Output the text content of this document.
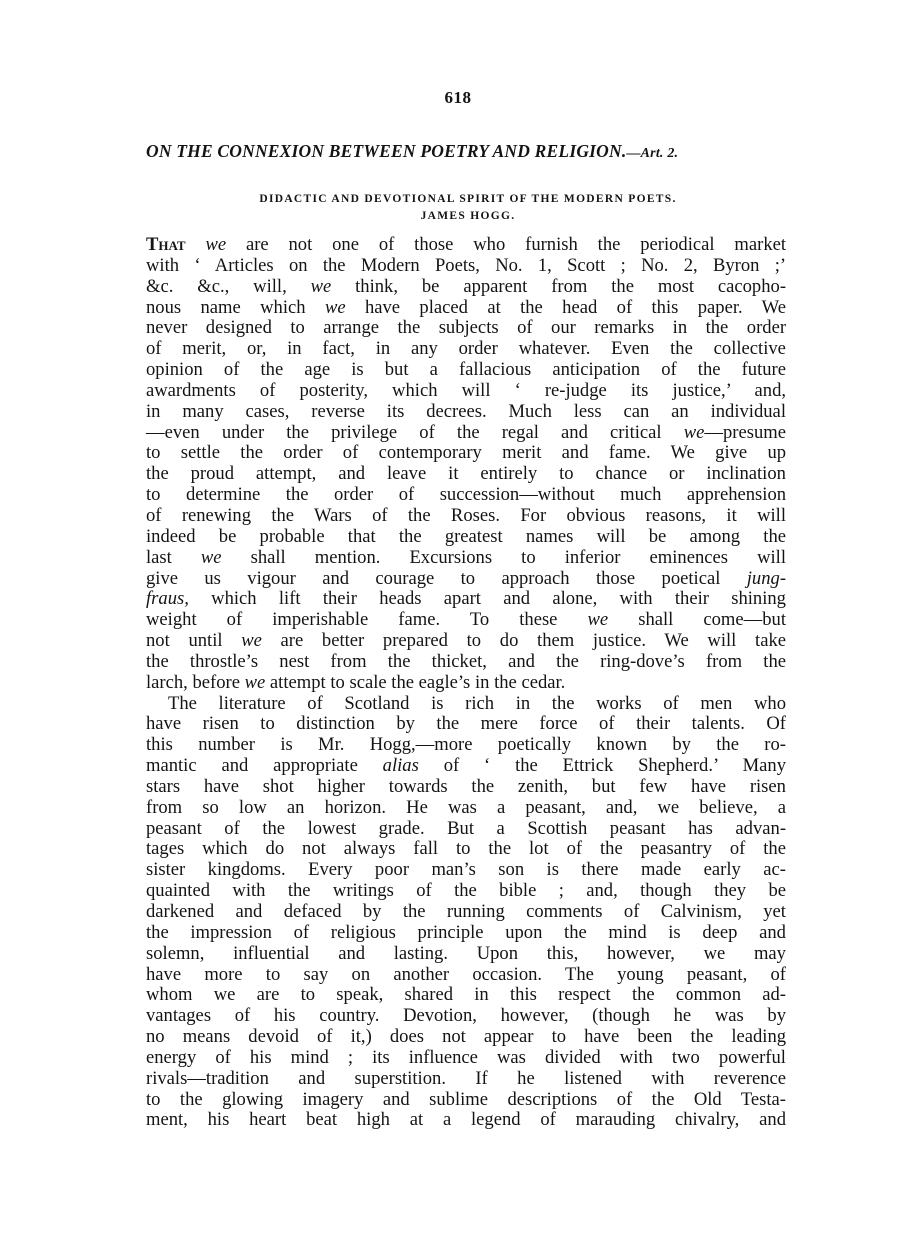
618
ON THE CONNEXION BETWEEN POETRY AND RELIGION.—Art. 2.
DIDACTIC AND DEVOTIONAL SPIRIT OF THE MODERN POETS.
JAMES HOGG.
That we are not one of those who furnish the periodical market
with ‘ Articles on the Modern Poets, No. 1, Scott ; No. 2, Byron ;’
&c. &c., will, we think, be apparent from the most cacopho-
nous name which we have placed at the head of this paper. We
never designed to arrange the subjects of our remarks in the order
of merit, or, in fact, in any order whatever. Even the collective
opinion of the age is but a fallacious anticipation of the future
awardments of posterity, which will ‘ re-judge its justice,’ and,
in many cases, reverse its decrees. Much less can an individual
—even under the privilege of the regal and critical we—presume
to settle the order of contemporary merit and fame. We give up
the proud attempt, and leave it entirely to chance or inclination
to determine the order of succession—without much apprehension
of renewing the Wars of the Roses. For obvious reasons, it will
indeed be probable that the greatest names will be among the
last we shall mention. Excursions to inferior eminences will
give us vigour and courage to approach those poetical jung-
fraus, which lift their heads apart and alone, with their shining
weight of imperishable fame. To these we shall come—but
not until we are better prepared to do them justice. We will take
the throstle’s nest from the thicket, and the ring-dove’s from the
larch, before we attempt to scale the eagle’s in the cedar.
The literature of Scotland is rich in the works of men who
have risen to distinction by the mere force of their talents. Of
this number is Mr. Hogg,—more poetically known by the ro-
mantic and appropriate alias of ‘ the Ettrick Shepherd.’ Many
stars have shot higher towards the zenith, but few have risen
from so low an horizon. He was a peasant, and, we believe, a
peasant of the lowest grade. But a Scottish peasant has advan-
tages which do not always fall to the lot of the peasantry of the
sister kingdoms. Every poor man’s son is there made early ac-
quainted with the writings of the bible ; and, though they be
darkened and defaced by the running comments of Calvinism, yet
the impression of religious principle upon the mind is deep and
solemn, influential and lasting. Upon this, however, we may
have more to say on another occasion. The young peasant, of
whom we are to speak, shared in this respect the common ad-
vantages of his country. Devotion, however, (though he was by
no means devoid of it,) does not appear to have been the leading
energy of his mind ; its influence was divided with two powerful
rivals—tradition and superstition. If he listened with reverence
to the glowing imagery and sublime descriptions of the Old Testa-
ment, his heart beat high at a legend of marauding chivalry, and
